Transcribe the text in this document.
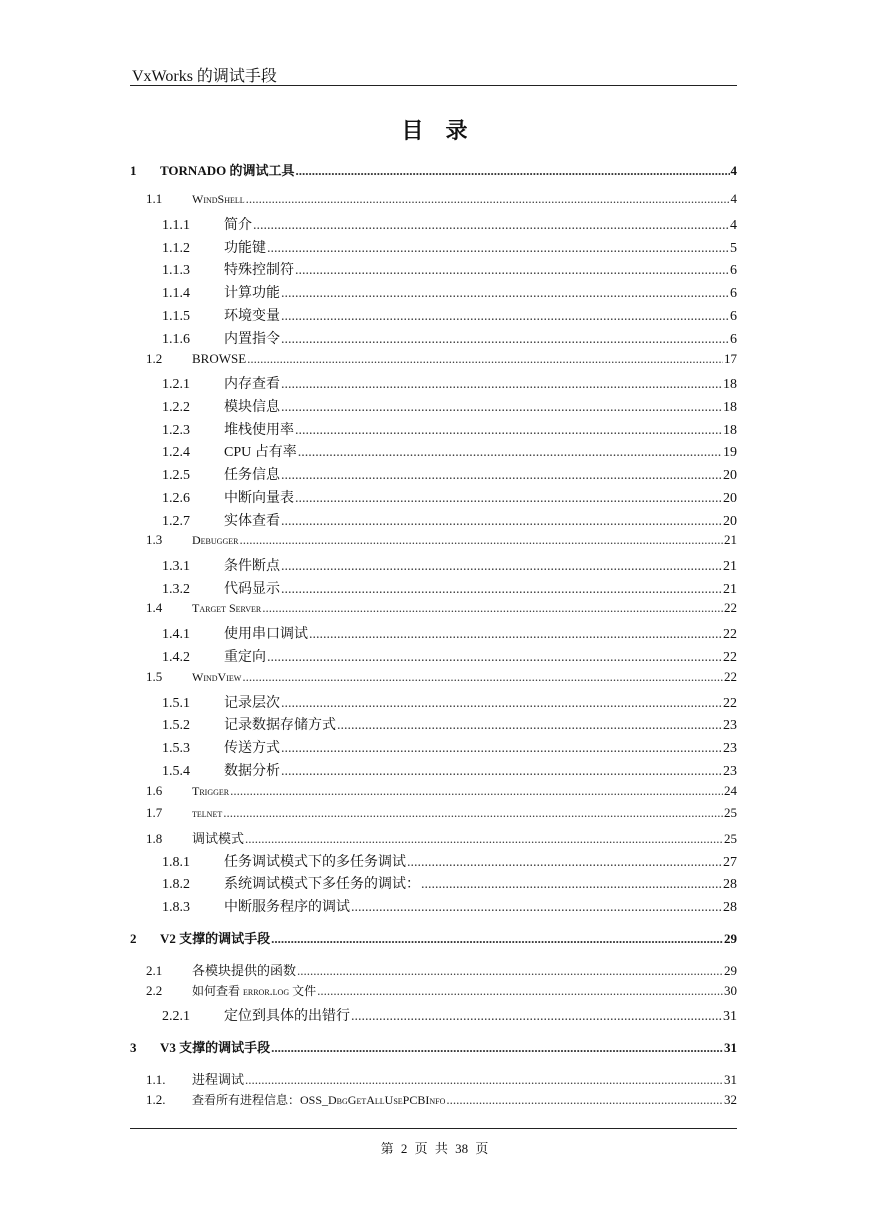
VxWorks 的调试手段
目录
1	TORNADO 的调试工具 .....	4
1.1	WindShell .....	4
1.1.1	简介 .....	4
1.1.2	功能键 .....	5
1.1.3	特殊控制符 .....	6
1.1.4	计算功能 .....	6
1.1.5	环境变量 .....	6
1.1.6	内置指令 .....	6
1.2	BROWSE .....	17
1.2.1	内存查看 .....	18
1.2.2	模块信息 .....	18
1.2.3	堆栈使用率 .....	18
1.2.4	CPU 占有率 .....	19
1.2.5	任务信息 .....	20
1.2.6	中断向量表 .....	20
1.2.7	实体查看 .....	20
1.3	Debugger .....	21
1.3.1	条件断点 .....	21
1.3.2	代码显示 .....	21
1.4	Target Server .....	22
1.4.1	使用串口调试 .....	22
1.4.2	重定向 .....	22
1.5	WindView .....	22
1.5.1	记录层次 .....	22
1.5.2	记录数据存储方式 .....	23
1.5.3	传送方式 .....	23
1.5.4	数据分析 .....	23
1.6	Trigger .....	24
1.7	telnet .....	25
1.8	调试模式 .....	25
1.8.1	任务调试模式下的多任务调试 .....	27
1.8.2	系统调试模式下多任务的调试： .....	28
1.8.3	中断服务程序的调试 .....	28
2	V2 支撑的调试手段 .....	29
2.1	各模块提供的函数 .....	29
2.2	如何查看 error.log 文件 .....	30
2.2.1	定位到具体的出错行 .....	31
3	V3 支撑的调试手段 .....	31
1.1.	进程调试 .....	31
1.2.	查看所有进程信息：OSS_DbgGetAllUsePCBInfo .....	32
第 2 页 共 38 页
